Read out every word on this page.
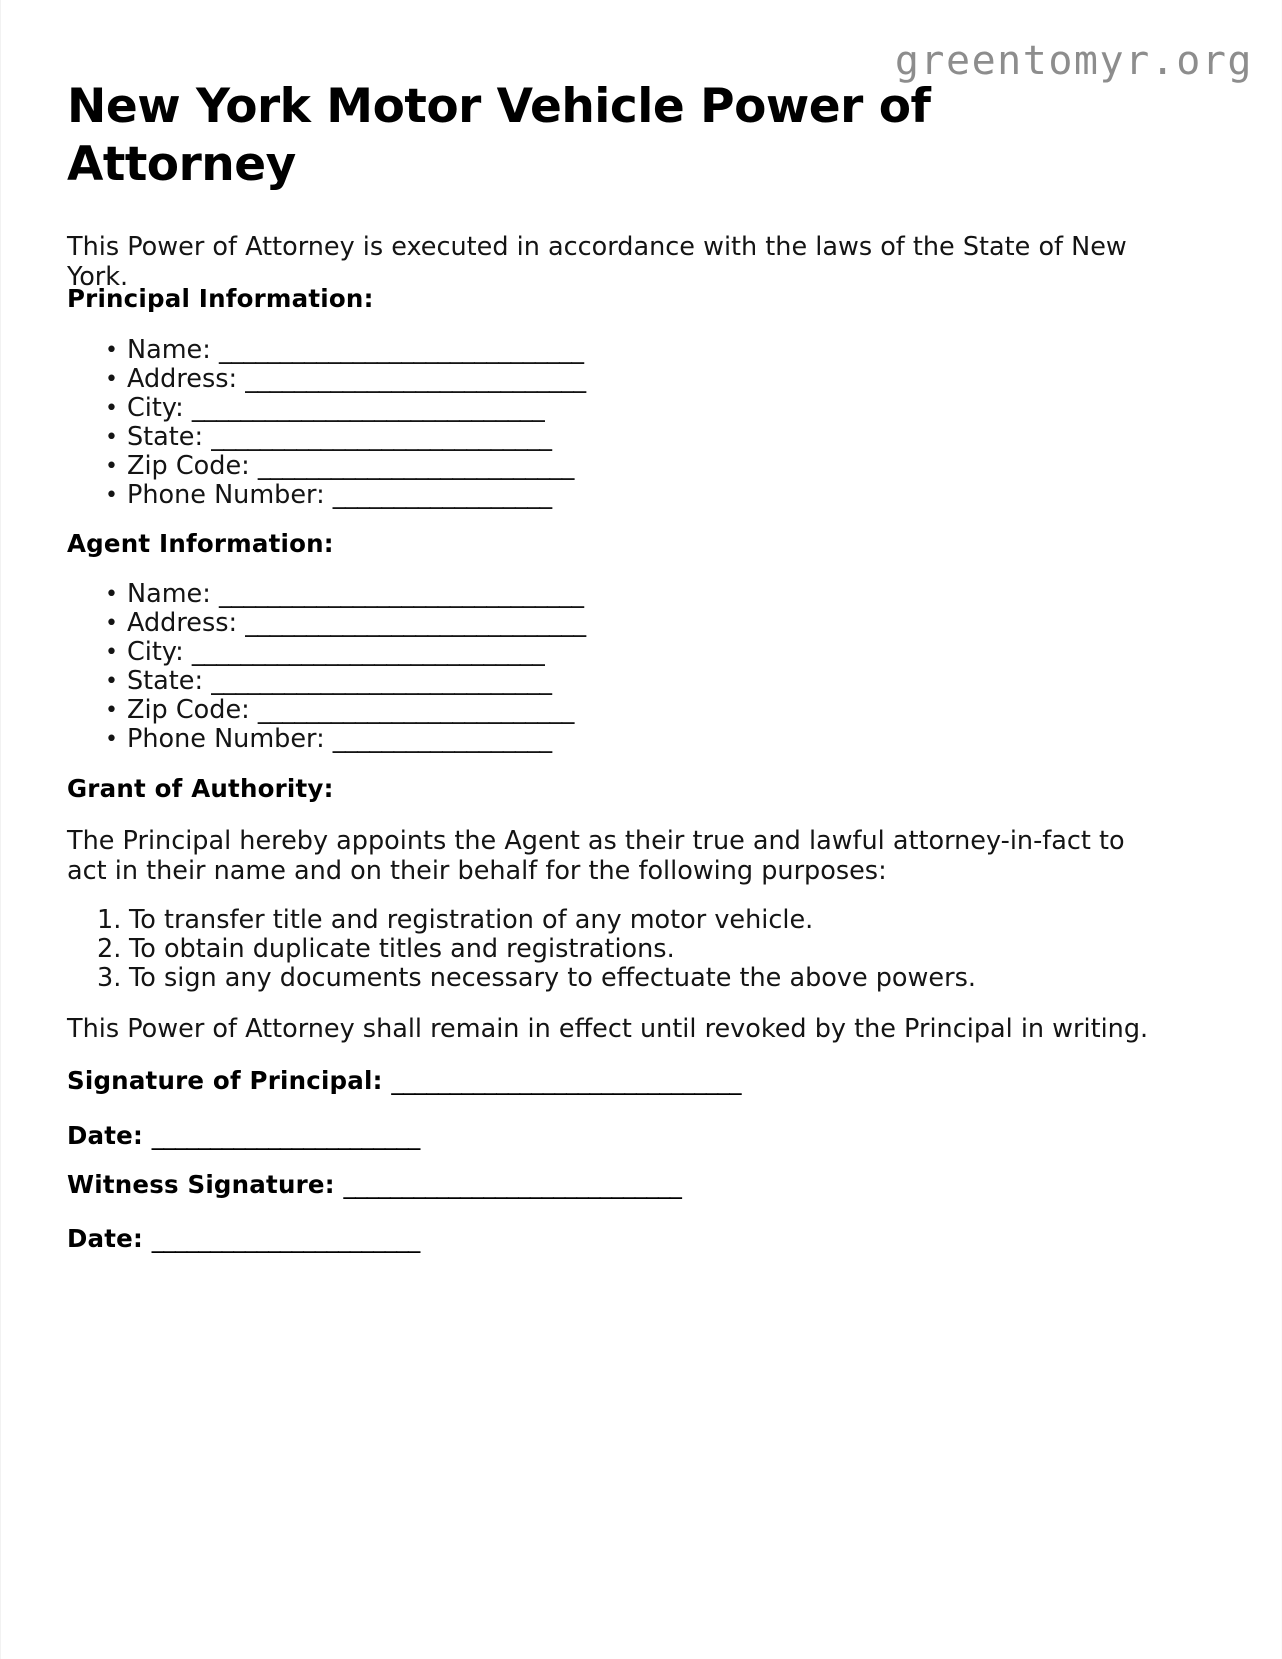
greentomyr.org
New York Motor Vehicle Power of Attorney

This Power of Attorney is executed in accordance with the laws of the State of New York.

Principal Information:
• Name: ______________________________
• Address: ____________________________
• City: _____________________________
• State: ____________________________
• Zip Code: __________________________
• Phone Number: __________________
Agent Information:
• Name: ______________________________
• Address: ____________________________
• City: _____________________________
• State: ____________________________
• Zip Code: __________________________
• Phone Number: __________________
Grant of Authority:

The Principal hereby appoints the Agent as their true and lawful attorney-in-fact to act in their name and on their behalf for the following purposes:

1. To transfer title and registration of any motor vehicle.
2. To obtain duplicate titles and registrations.
3. To sign any documents necessary to effectuate the above powers.

This Power of Attorney shall remain in effect until revoked by the Principal in writing.

Signature of Principal: ______________________________

Date: _______________________

Witness Signature: _____________________________

Date: _______________________
